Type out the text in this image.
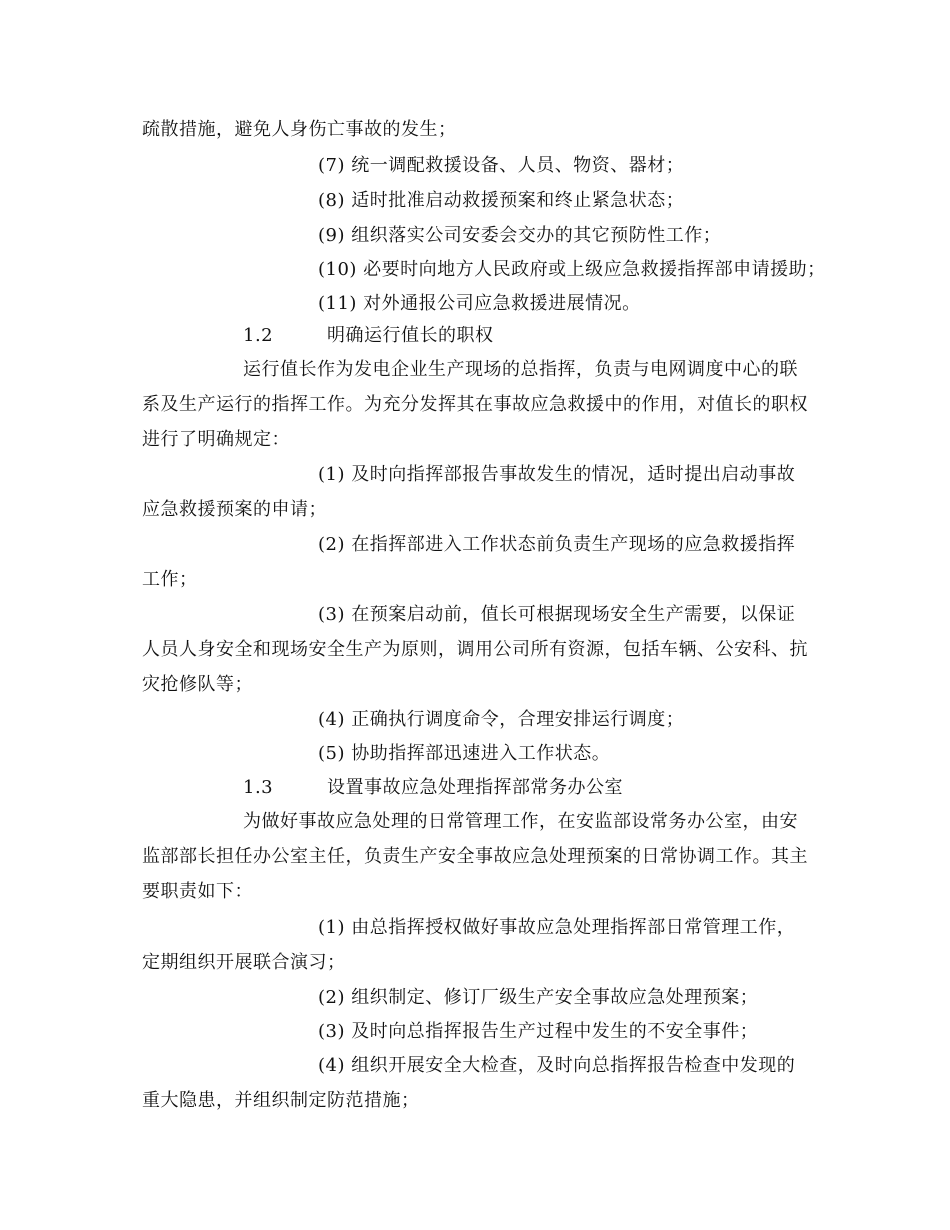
疏散措施，避免人身伤亡事故的发生；
(7) 统一调配救援设备、人员、物资、器材；
(8) 适时批准启动救援预案和终止紧急状态；
(9) 组织落实公司安委会交办的其它预防性工作；
(10) 必要时向地方人民政府或上级应急救援指挥部申请援助；
(11) 对外通报公司应急救援进展情况。
1.2	明确运行值长的职权
运行值长作为发电企业生产现场的总指挥，负责与电网调度中心的联
系及生产运行的指挥工作。为充分发挥其在事故应急救援中的作用，对值长的职权
进行了明确规定：
(1) 及时向指挥部报告事故发生的情况，适时提出启动事故
应急救援预案的申请；
(2) 在指挥部进入工作状态前负责生产现场的应急救援指挥
工作；
(3) 在预案启动前，值长可根据现场安全生产需要，以保证
人员人身安全和现场安全生产为原则，调用公司所有资源，包括车辆、公安科、抗
灾抢修队等；
(4) 正确执行调度命令，合理安排运行调度；
(5) 协助指挥部迅速进入工作状态。
1.3	设置事故应急处理指挥部常务办公室
为做好事故应急处理的日常管理工作，在安监部设常务办公室，由安
监部部长担任办公室主任，负责生产安全事故应急处理预案的日常协调工作。其主
要职责如下：
(1) 由总指挥授权做好事故应急处理指挥部日常管理工作，
定期组织开展联合演习；
(2) 组织制定、修订厂级生产安全事故应急处理预案；
(3) 及时向总指挥报告生产过程中发生的不安全事件；
(4) 组织开展安全大检查，及时向总指挥报告检查中发现的
重大隐患，并组织制定防范措施；
